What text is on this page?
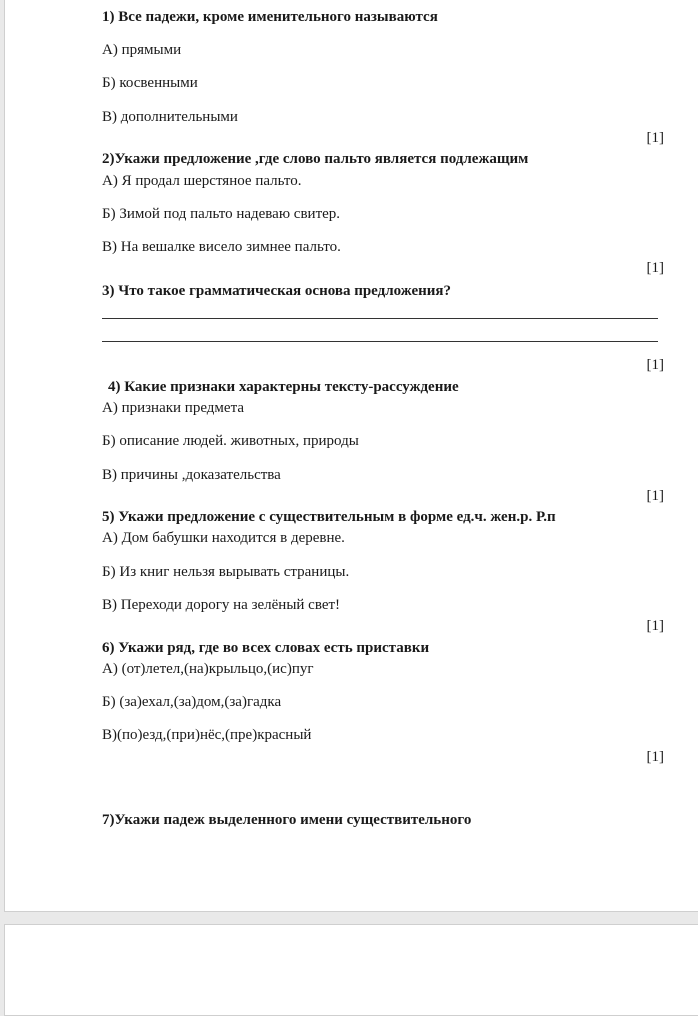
1) Все падежи, кроме именительного называются

А) прямыми

Б) косвенными

В) дополнительными

[1]

2)Укажи предложение ,где слово пальто является подлежащим

А) Я продал шерстяное пальто.

Б) Зимой под пальто надеваю свитер.

В) На вешалке висело зимнее пальто.

[1]

3) Что такое грамматическая основа предложения?

[1]

4) Какие признаки характерны тексту-рассуждение

А) признаки предмета

Б) описание людей. животных, природы

В) причины ,доказательства

[1]

5) Укажи предложение с существительным в форме ед.ч. жен.р. Р.п

А) Дом бабушки находится в деревне.

Б) Из книг нельзя вырывать страницы.

В) Переходи дорогу на зелёный свет!

[1]

6) Укажи ряд, где во всех словах есть приставки

А) (от)летел,(на)крыльцо,(ис)пуг

Б) (за)ехал,(за)дом,(за)гадка

В)(по)езд,(при)нёс,(пре)красный

[1]

7)Укажи падеж выделенного имени существительного
